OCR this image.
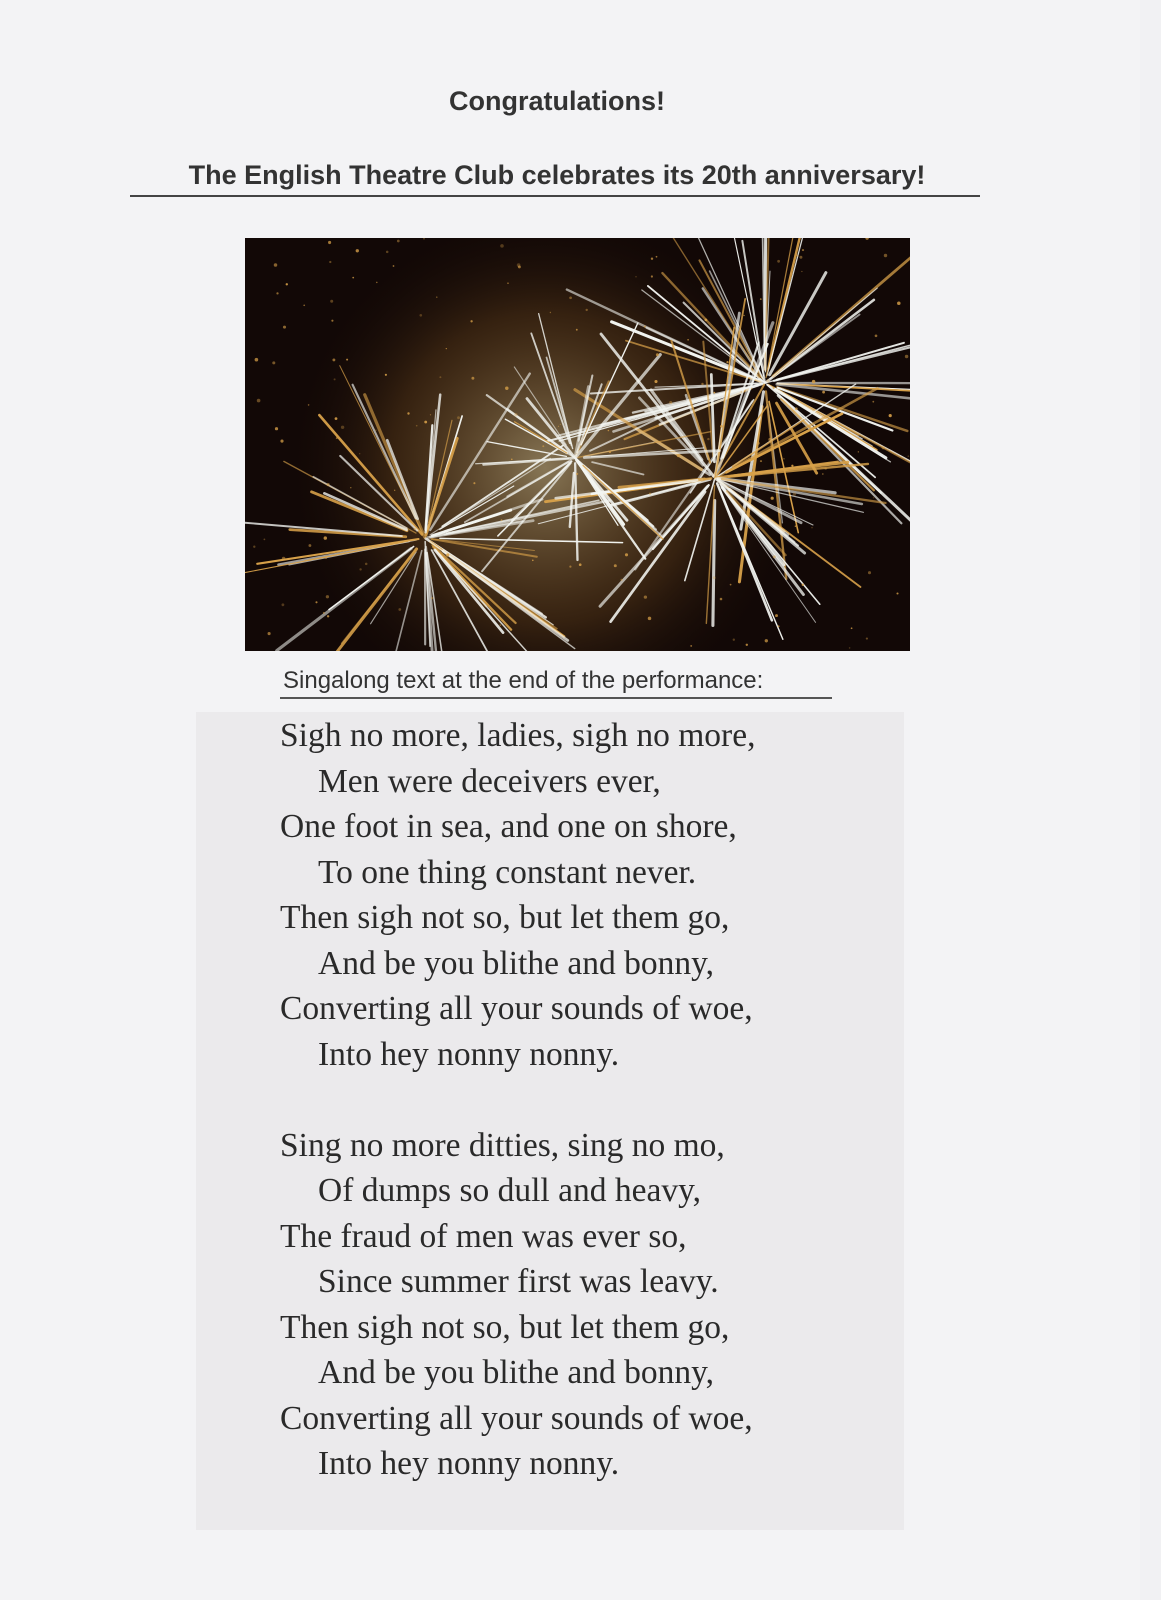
Congratulations!
The English Theatre Club celebrates its 20th anniversary!
Singalong text at the end of the performance:
Sigh no more, ladies, sigh no more,
Men were deceivers ever,
One foot in sea, and one on shore,
To one thing constant never.
Then sigh not so, but let them go,
And be you blithe and bonny,
Converting all your sounds of woe,
Into hey nonny nonny.
Sing no more ditties, sing no mo,
Of dumps so dull and heavy,
The fraud of men was ever so,
Since summer first was leavy.
Then sigh not so, but let them go,
And be you blithe and bonny,
Converting all your sounds of woe,
Into hey nonny nonny.
